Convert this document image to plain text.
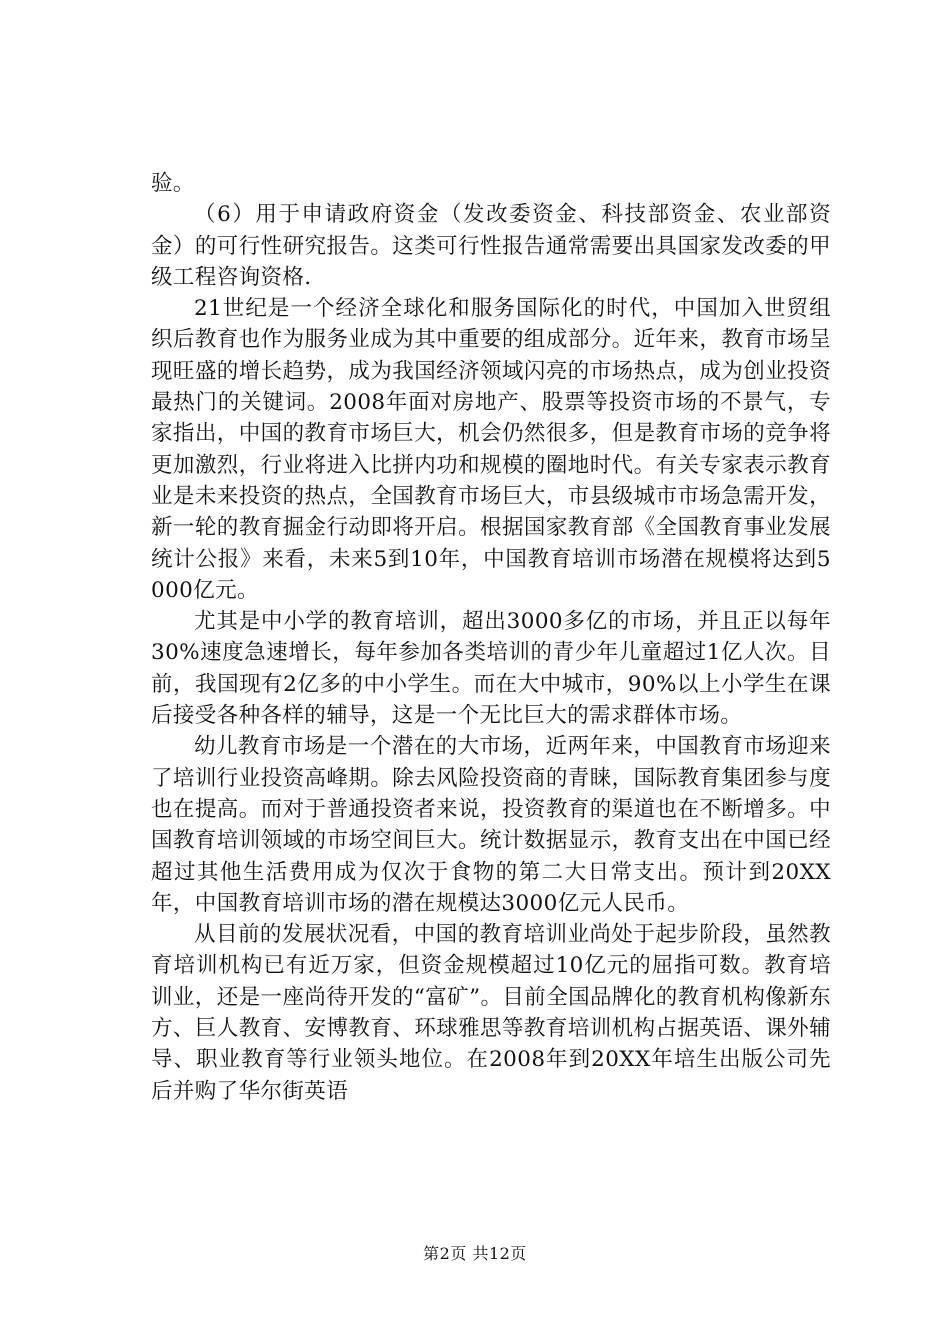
验。

（6）用于申请政府资金（发改委资金、科技部资金、农业部资金）的可行性研究报告。这类可行性报告通常需要出具国家发改委的甲级工程咨询资格.

21世纪是一个经济全球化和服务国际化的时代，中国加入世贸组织后教育也作为服务业成为其中重要的组成部分。近年来，教育市场呈现旺盛的增长趋势，成为我国经济领域闪亮的市场热点，成为创业投资最热门的关键词。2008年面对房地产、股票等投资市场的不景气，专家指出，中国的教育市场巨大，机会仍然很多，但是教育市场的竞争将更加激烈，行业将进入比拼内功和规模的圈地时代。有关专家表示教育业是未来投资的热点，全国教育市场巨大，市县级城市市场急需开发，新一轮的教育掘金行动即将开启。根据国家教育部《全国教育事业发展统计公报》来看，未来5到10年，中国教育培训市场潜在规模将达到5000亿元。

尤其是中小学的教育培训，超出3000多亿的市场，并且正以每年30%速度急速增长，每年参加各类培训的青少年儿童超过1亿人次。目前，我国现有2亿多的中小学生。而在大中城市，90%以上小学生在课后接受各种各样的辅导，这是一个无比巨大的需求群体市场。

幼儿教育市场是一个潜在的大市场，近两年来，中国教育市场迎来了培训行业投资高峰期。除去风险投资商的青睐，国际教育集团参与度也在提高。而对于普通投资者来说，投资教育的渠道也在不断增多。中国教育培训领域的市场空间巨大。统计数据显示，教育支出在中国已经超过其他生活费用成为仅次于食物的第二大日常支出。预计到20XX年，中国教育培训市场的潜在规模达3000亿元人民币。

从目前的发展状况看，中国的教育培训业尚处于起步阶段，虽然教育培训机构已有近万家，但资金规模超过10亿元的屈指可数。教育培训业，还是一座尚待开发的“富矿”。目前全国品牌化的教育机构像新东方、巨人教育、安博教育、环球雅思等教育培训机构占据英语、课外辅导、职业教育等行业领头地位。在2008年到20XX年培生出版公司先后并购了华尔街英语

第2页 共12页
